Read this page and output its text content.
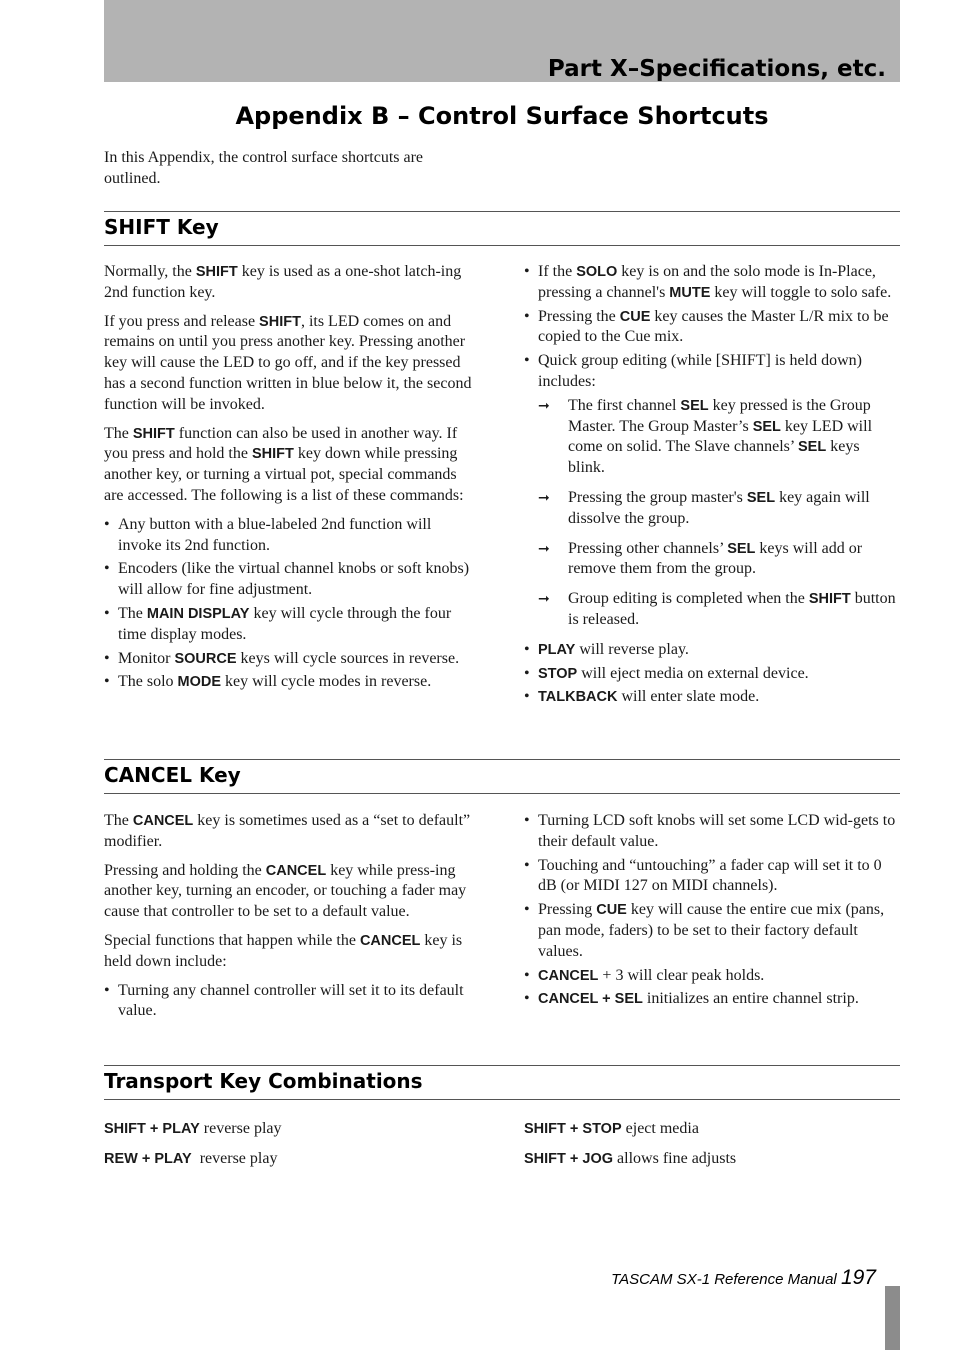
Part X–Specifications, etc.
Appendix B – Control Surface Shortcuts
In this Appendix, the control surface shortcuts are outlined.
SHIFT Key

Normally, the SHIFT key is used as a one-shot latch-ing 2nd function key.

If you press and release SHIFT, its LED comes on and remains on until you press another key. Pressing another key will cause the LED to go off, and if the key pressed has a second function written in blue below it, the second function will be invoked.

The SHIFT function can also be used in another way. If you press and hold the SHIFT key down while pressing another key, or turning a virtual pot, special commands are accessed. The following is a list of these commands:

• Any button with a blue-labeled 2nd function will invoke its 2nd function.
• Encoders (like the virtual channel knobs or soft knobs) will allow for fine adjustment.
• The MAIN DISPLAY key will cycle through the four time display modes.
• Monitor SOURCE keys will cycle sources in reverse.
• The solo MODE key will cycle modes in reverse.
• If the SOLO key is on and the solo mode is In-Place, pressing a channel's MUTE key will toggle to solo safe.
• Pressing the CUE key causes the Master L/R mix to be copied to the Cue mix.
• Quick group editing (while [SHIFT] is held down) includes:
➞ The first channel SEL key pressed is the Group Master. The Group Master’s SEL key LED will come on solid. The Slave channels’ SEL keys blink.
➞ Pressing the group master's SEL key again will dissolve the group.
➞ Pressing other channels’ SEL keys will add or remove them from the group.
➞ Group editing is completed when the SHIFT button is released.
• PLAY will reverse play.
• STOP will eject media on external device.
• TALKBACK will enter slate mode.
CANCEL Key

The CANCEL key is sometimes used as a “set to default” modifier.

Pressing and holding the CANCEL key while press-ing another key, turning an encoder, or touching a fader may cause that controller to be set to a default value.

Special functions that happen while the CANCEL key is held down include:

• Turning any channel controller will set it to its default value.
• Turning LCD soft knobs will set some LCD wid-gets to their default value.
• Touching and “untouching” a fader cap will set it to 0 dB (or MIDI 127 on MIDI channels).
• Pressing CUE key will cause the entire cue mix (pans, pan mode, faders) to be set to their factory default values.
• CANCEL + 3 will clear peak holds.
• CANCEL + SEL initializes an entire channel strip.
Transport Key Combinations
SHIFT + PLAY reverse play
REW + PLAY  reverse play
SHIFT + STOP eject media
SHIFT + JOG allows fine adjusts
TASCAM SX-1 Reference Manual 197
